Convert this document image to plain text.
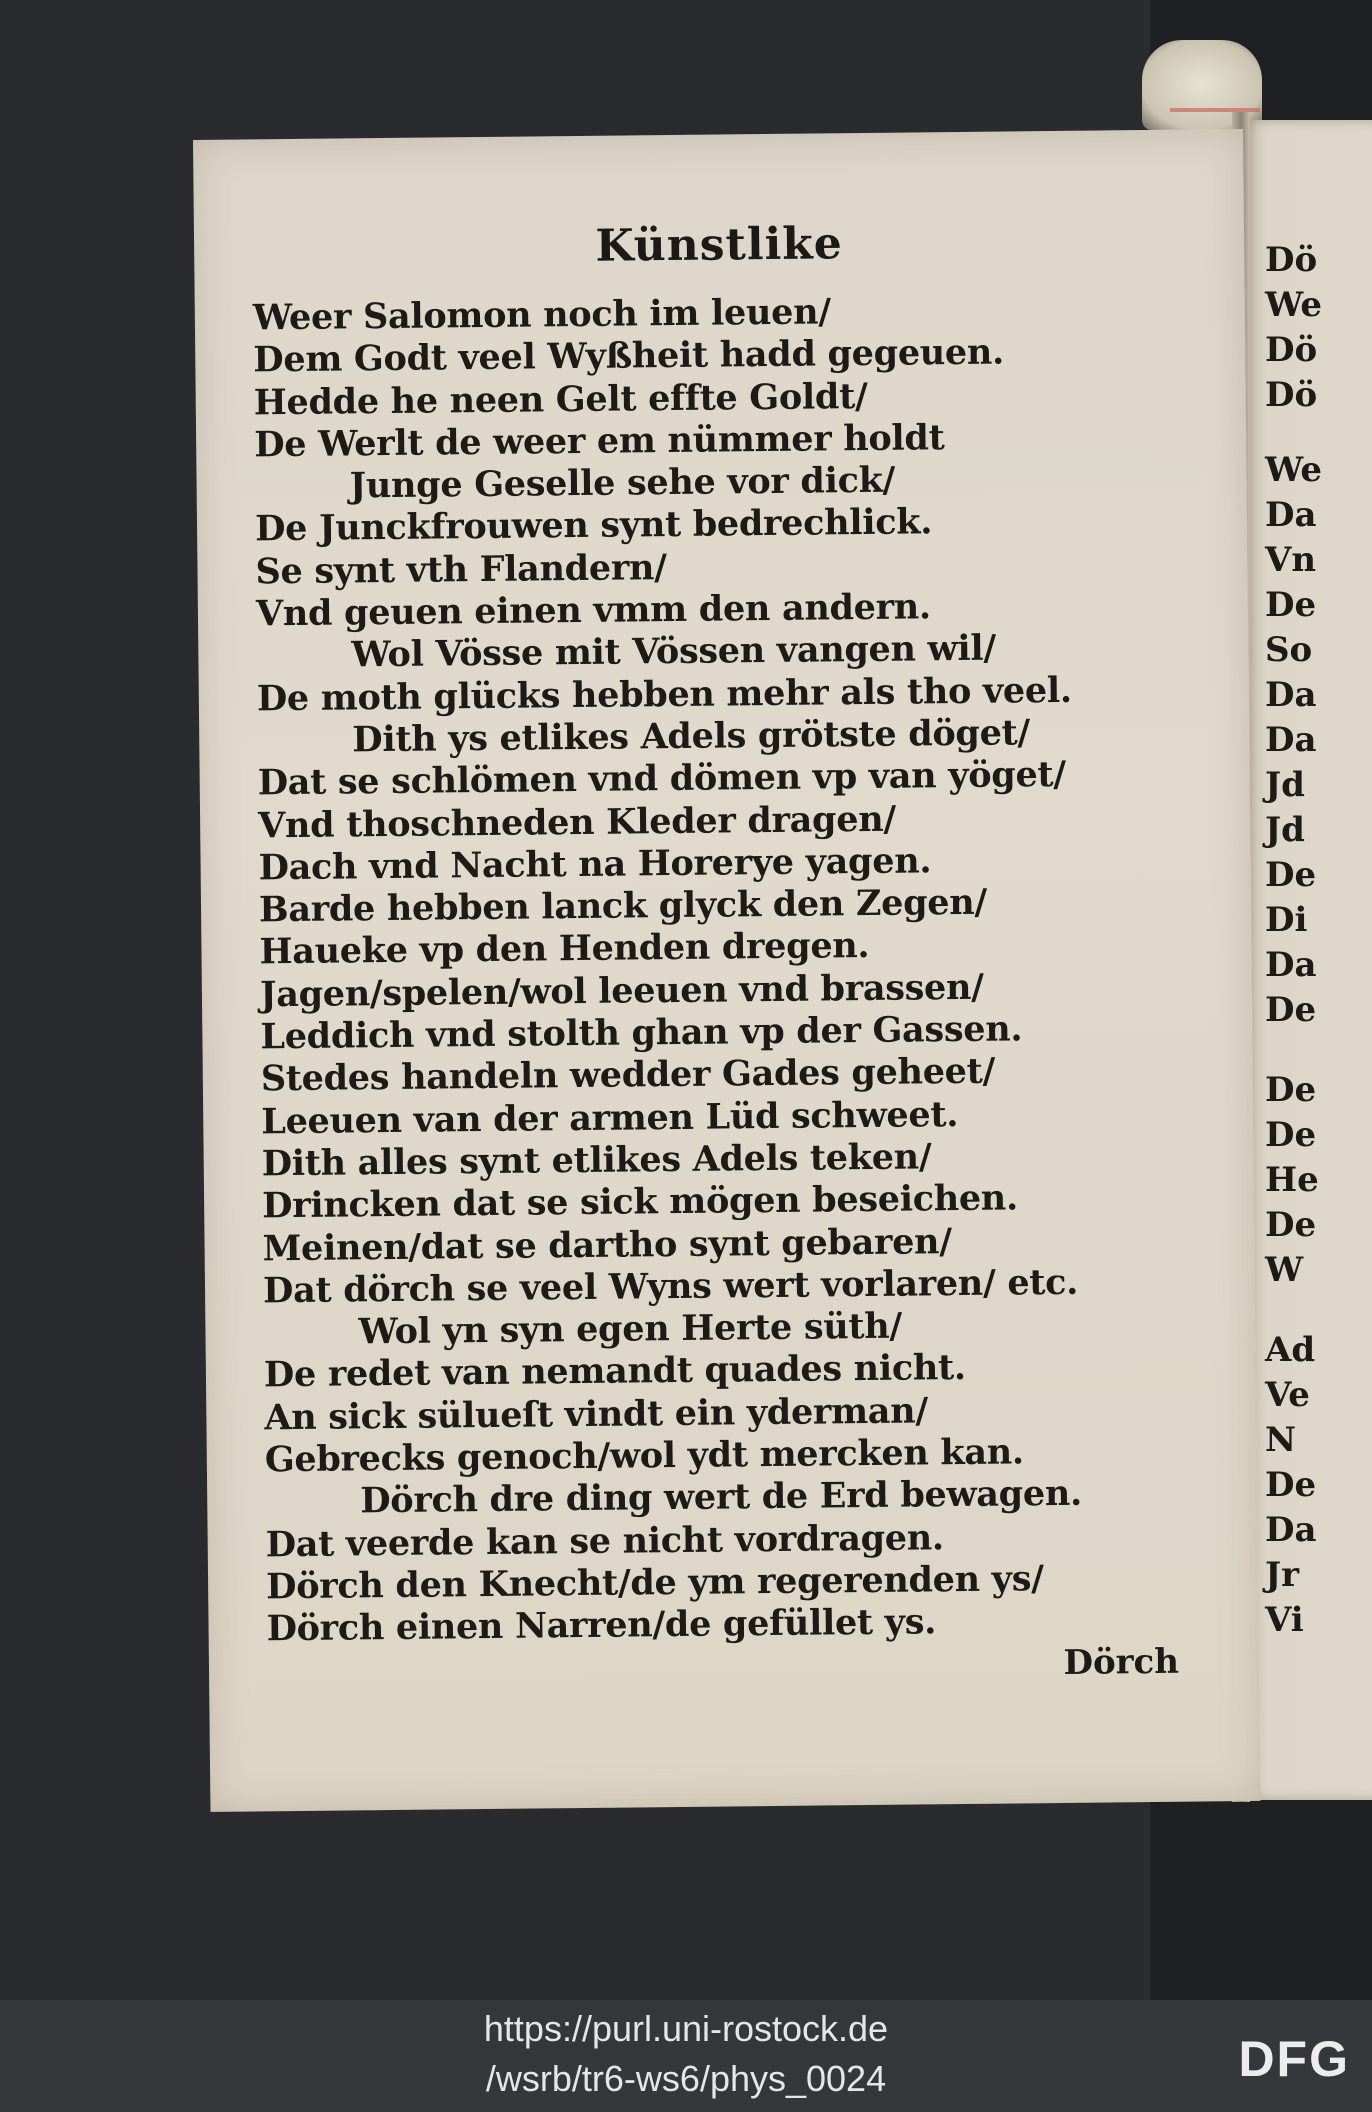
Dö
We
Dö
Dö
We
Da
Vn
De
So
Da
Da
Jd
Jd
De
Di
Da
De
De
De
He
De
W
Ad
Ve
N
De
Da
Jr
Vi
Künstlike
Weer Salomon noch im leuen/
Dem Godt veel Wyßheit hadd gegeuen.
Hedde he neen Gelt effte Goldt/
De Werlt de weer em nümmer holdt
Junge Geselle sehe vor dick/
De Junckfrouwen synt bedrechlick.
Se synt vth Flandern/
Vnd geuen einen vmm den andern.
Wol Vösse mit Vössen vangen wil/
De moth glücks hebben mehr als tho veel.
Dith ys etlikes Adels grötste döget/
Dat se schlömen vnd dömen vp van yöget/
Vnd thoschneden Kleder dragen/
Dach vnd Nacht na Horerye yagen.
Barde hebben lanck glyck den Zegen/
Haueke vp den Henden dregen.
Jagen/spelen/wol leeuen vnd brassen/
Leddich vnd stolth ghan vp der Gassen.
Stedes handeln wedder Gades geheet/
Leeuen van der armen Lüd schweet.
Dith alles synt etlikes Adels teken/
Drincken dat se sick mögen beseichen.
Meinen/dat se dartho synt gebaren/
Dat dörch se veel Wyns wert vorlaren/ etc.
Wol yn syn egen Herte süth/
De redet van nemandt quades nicht.
An sick sülueſt vindt ein yderman/
Gebrecks genoch/wol ydt mercken kan.
Dörch dre ding wert de Erd bewagen.
Dat veerde kan se nicht vordragen.
Dörch den Knecht/de ym regerenden ys/
Dörch einen Narren/de gefüllet ys.
Dörch
https://purl.uni-rostock.de
/wsrb/tr6-ws6/phys_0024	DFG
